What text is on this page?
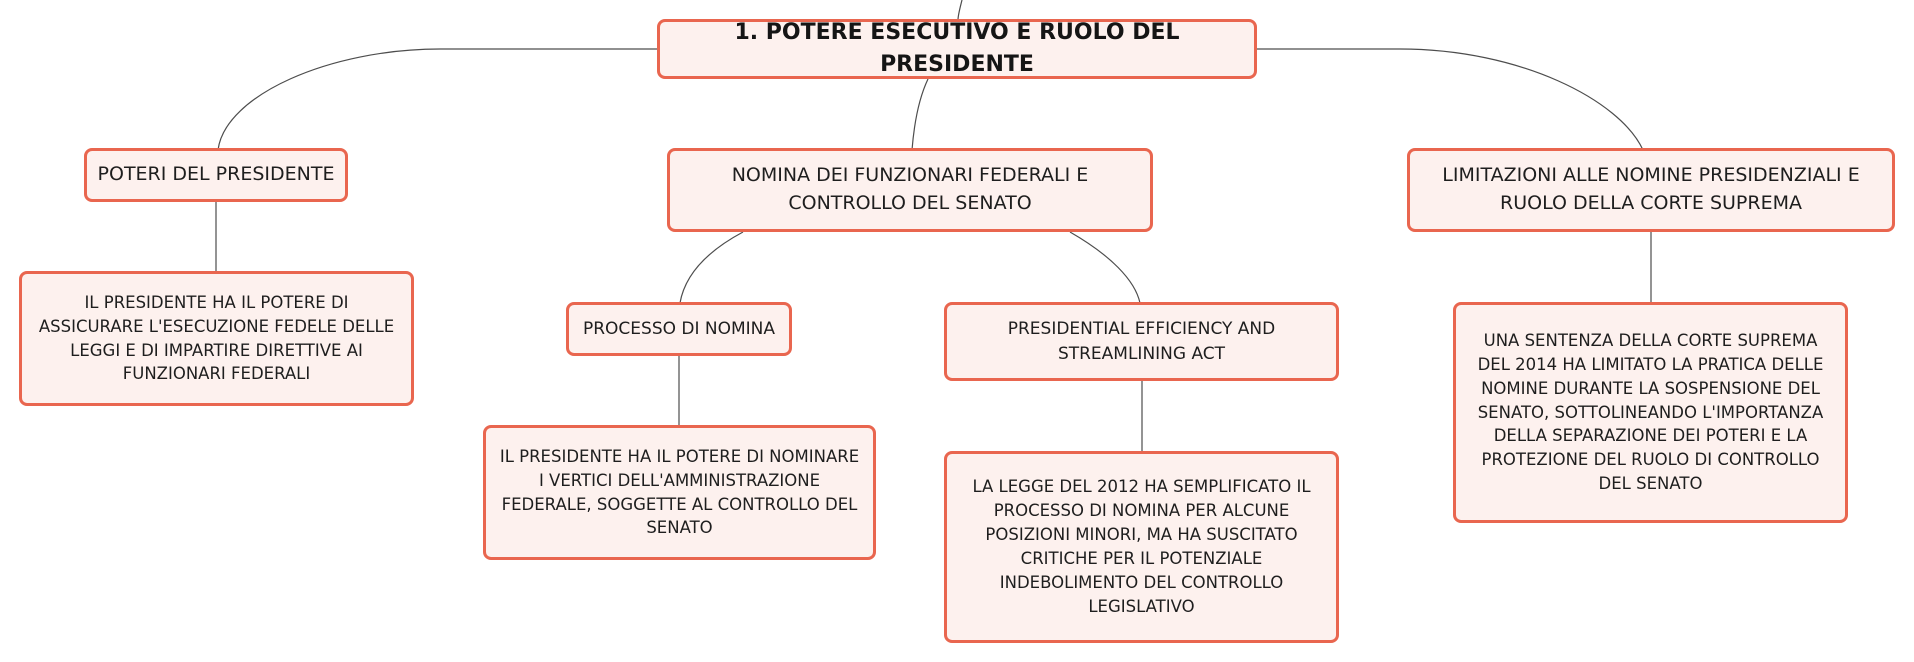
1. POTERE ESECUTIVO E RUOLO DEL PRESIDENTE
POTERI DEL PRESIDENTE
IL PRESIDENTE HA IL POTERE DI ASSICURARE L'ESECUZIONE FEDELE DELLE LEGGI E DI IMPARTIRE DIRETTIVE AI FUNZIONARI FEDERALI
NOMINA DEI FUNZIONARI FEDERALI E CONTROLLO DEL SENATO
PROCESSO DI NOMINA
IL PRESIDENTE HA IL POTERE DI NOMINARE I VERTICI DELL'AMMINISTRAZIONE FEDERALE, SOGGETTE AL CONTROLLO DEL SENATO
PRESIDENTIAL EFFICIENCY AND STREAMLINING ACT
LA LEGGE DEL 2012 HA SEMPLIFICATO IL PROCESSO DI NOMINA PER ALCUNE POSIZIONI MINORI, MA HA SUSCITATO CRITICHE PER IL POTENZIALE INDEBOLIMENTO DEL CONTROLLO LEGISLATIVO
LIMITAZIONI ALLE NOMINE PRESIDENZIALI E RUOLO DELLA CORTE SUPREMA
UNA SENTENZA DELLA CORTE SUPREMA DEL 2014 HA LIMITATO LA PRATICA DELLE NOMINE DURANTE LA SOSPENSIONE DEL SENATO, SOTTOLINEANDO L'IMPORTANZA DELLA SEPARAZIONE DEI POTERI E LA PROTEZIONE DEL RUOLO DI CONTROLLO DEL SENATO
